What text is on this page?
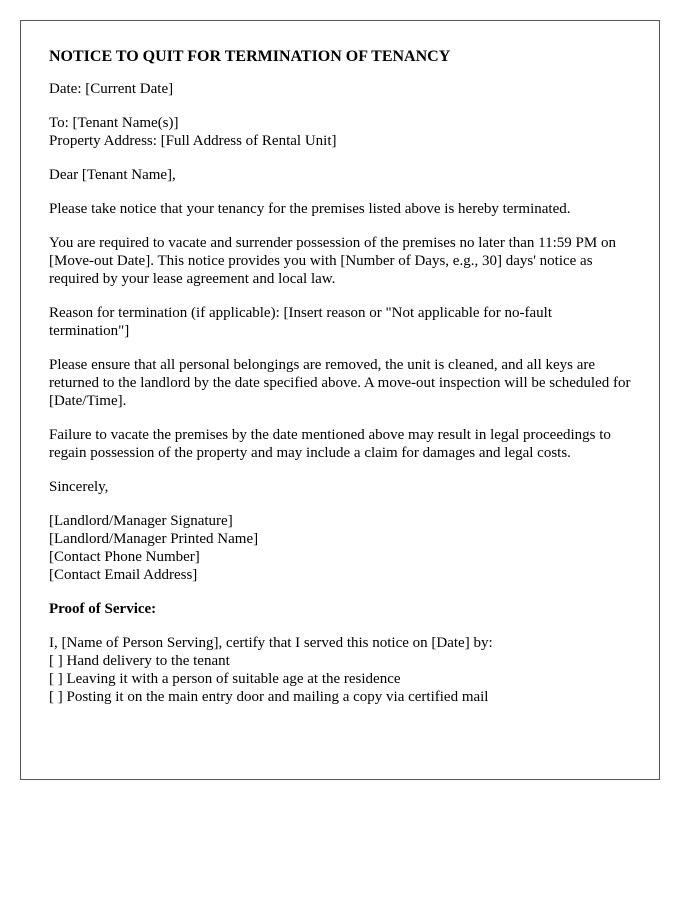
NOTICE TO QUIT FOR TERMINATION OF TENANCY

Date: [Current Date]

To: [Tenant Name(s)]
Property Address: [Full Address of Rental Unit]

Dear [Tenant Name],

Please take notice that your tenancy for the premises listed above is hereby terminated.

You are required to vacate and surrender possession of the premises no later than 11:59 PM on [Move-out Date]. This notice provides you with [Number of Days, e.g., 30] days' notice as required by your lease agreement and local law.

Reason for termination (if applicable): [Insert reason or "Not applicable for no-fault termination"]

Please ensure that all personal belongings are removed, the unit is cleaned, and all keys are returned to the landlord by the date specified above. A move-out inspection will be scheduled for [Date/Time].

Failure to vacate the premises by the date mentioned above may result in legal proceedings to regain possession of the property and may include a claim for damages and legal costs.

Sincerely,

[Landlord/Manager Signature]
[Landlord/Manager Printed Name]
[Contact Phone Number]
[Contact Email Address]

Proof of Service:

I, [Name of Person Serving], certify that I served this notice on [Date] by:
[ ] Hand delivery to the tenant
[ ] Leaving it with a person of suitable age at the residence
[ ] Posting it on the main entry door and mailing a copy via certified mail
